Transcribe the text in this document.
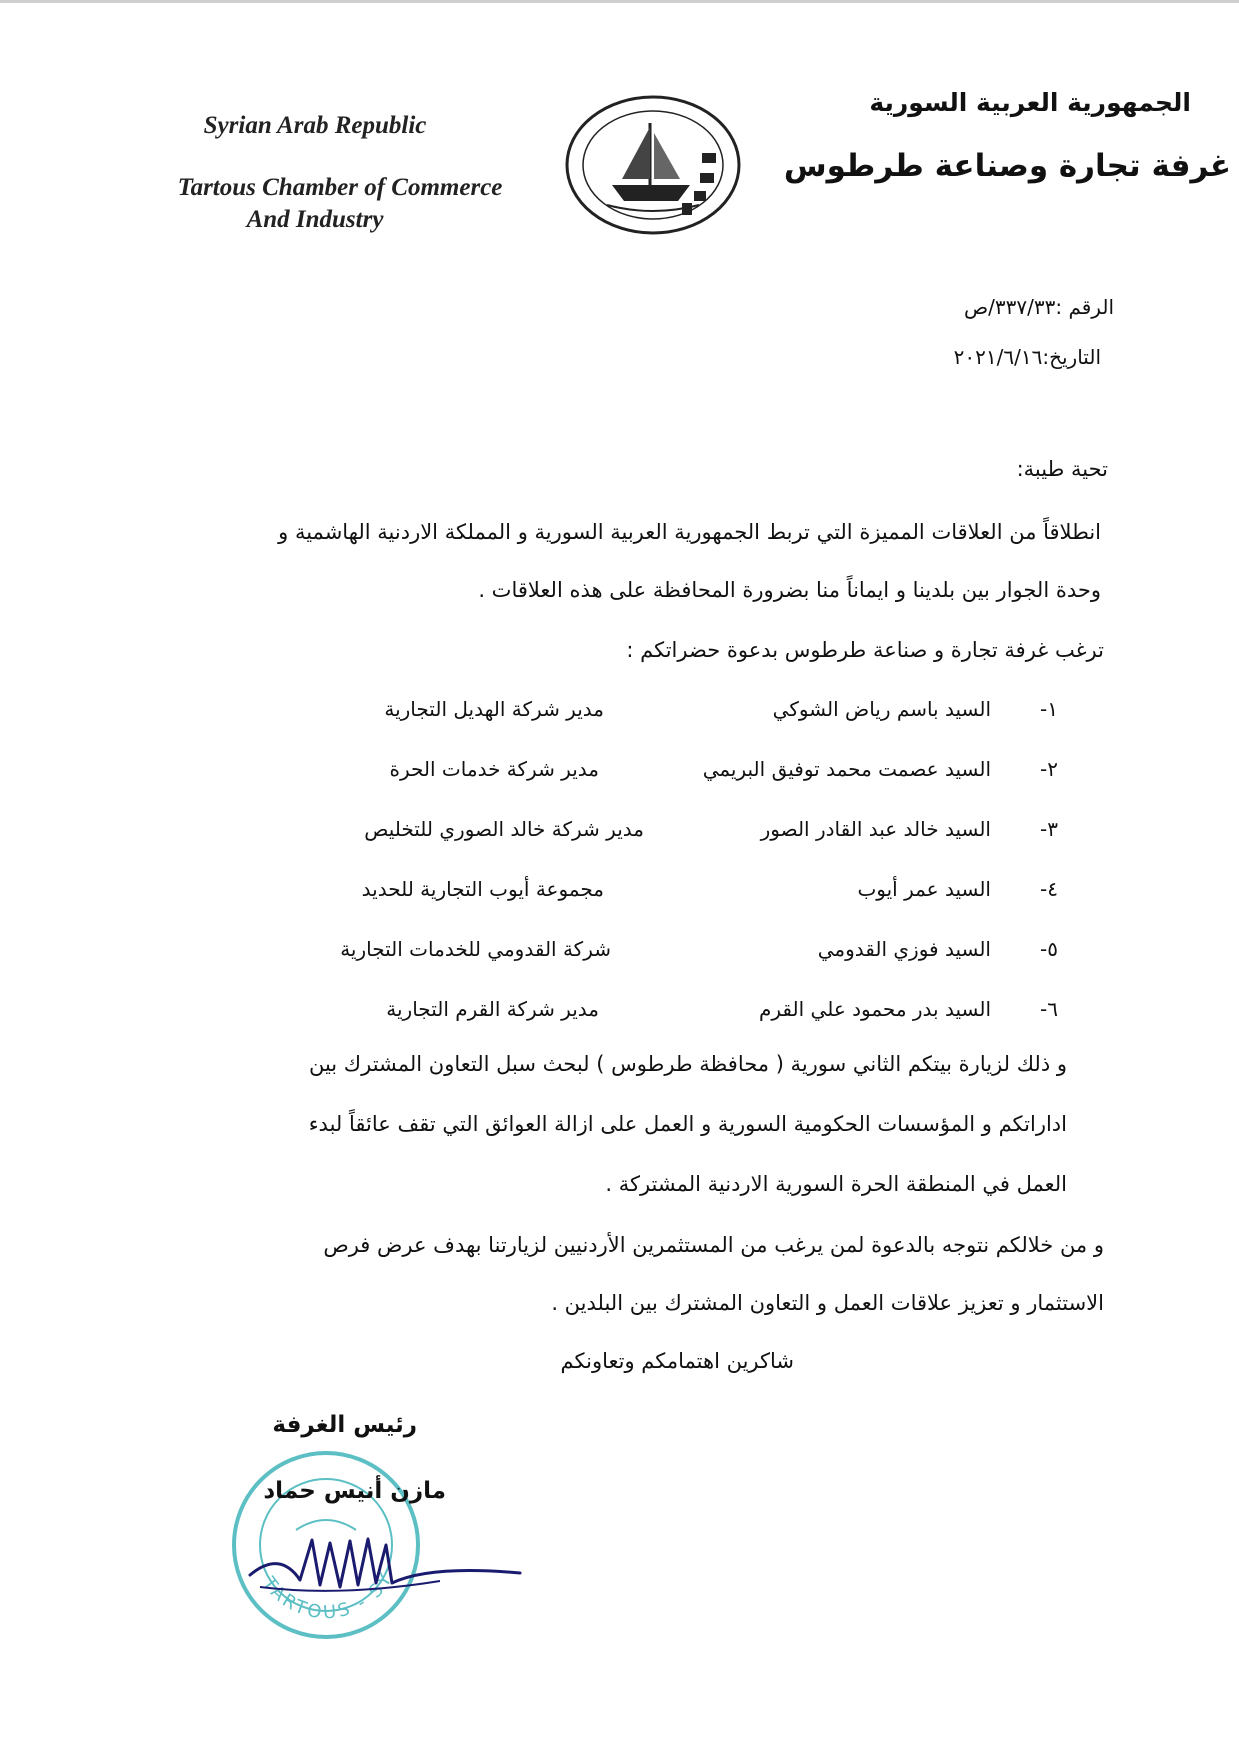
Syrian Arab Republic
Tartous Chamber of Commerce
And Industry
الجمهورية العربية السورية
غرفة تجارة وصناعة طرطوس
الرقم :٣٣٧/٣٣/ص
التاريخ:٢٠٢١/٦/١٦
تحية طيبة:
انطلاقاً من العلاقات المميزة التي تربط الجمهورية العربية السورية و المملكة الاردنية الهاشمية و
وحدة الجوار بين بلدينا و ايماناً منا بضرورة المحافظة على هذه العلاقات .
ترغب غرفة تجارة و صناعة طرطوس بدعوة حضراتكم :
١-
السيد باسم رياض الشوكي
مدير شركة الهديل التجارية
٢-
السيد عصمت محمد توفيق البريمي
مدير شركة خدمات الحرة
٣-
السيد خالد عبد القادر الصور
مدير شركة خالد الصوري للتخليص
٤-
السيد عمر أيوب
مجموعة أيوب التجارية للحديد
٥-
السيد فوزي القدومي
شركة القدومي للخدمات التجارية
٦-
السيد بدر محمود علي القرم
مدير شركة القرم التجارية
و ذلك لزيارة بيتكم الثاني سورية ( محافظة طرطوس ) لبحث سبل التعاون المشترك بين
اداراتكم و المؤسسات الحكومية السورية و العمل على ازالة العوائق التي تقف عائقاً لبدء
العمل في المنطقة الحرة السورية الاردنية المشتركة .
و من خلالكم نتوجه بالدعوة لمن يرغب من المستثمرين الأردنيين لزيارتنا بهدف عرض فرص
الاستثمار و تعزيز علاقات العمل و التعاون المشترك بين البلدين .
شاكرين اهتمامكم وتعاونكم
TARTOUS - SY
رئيس الغرفة
مازن أنيس حماد
